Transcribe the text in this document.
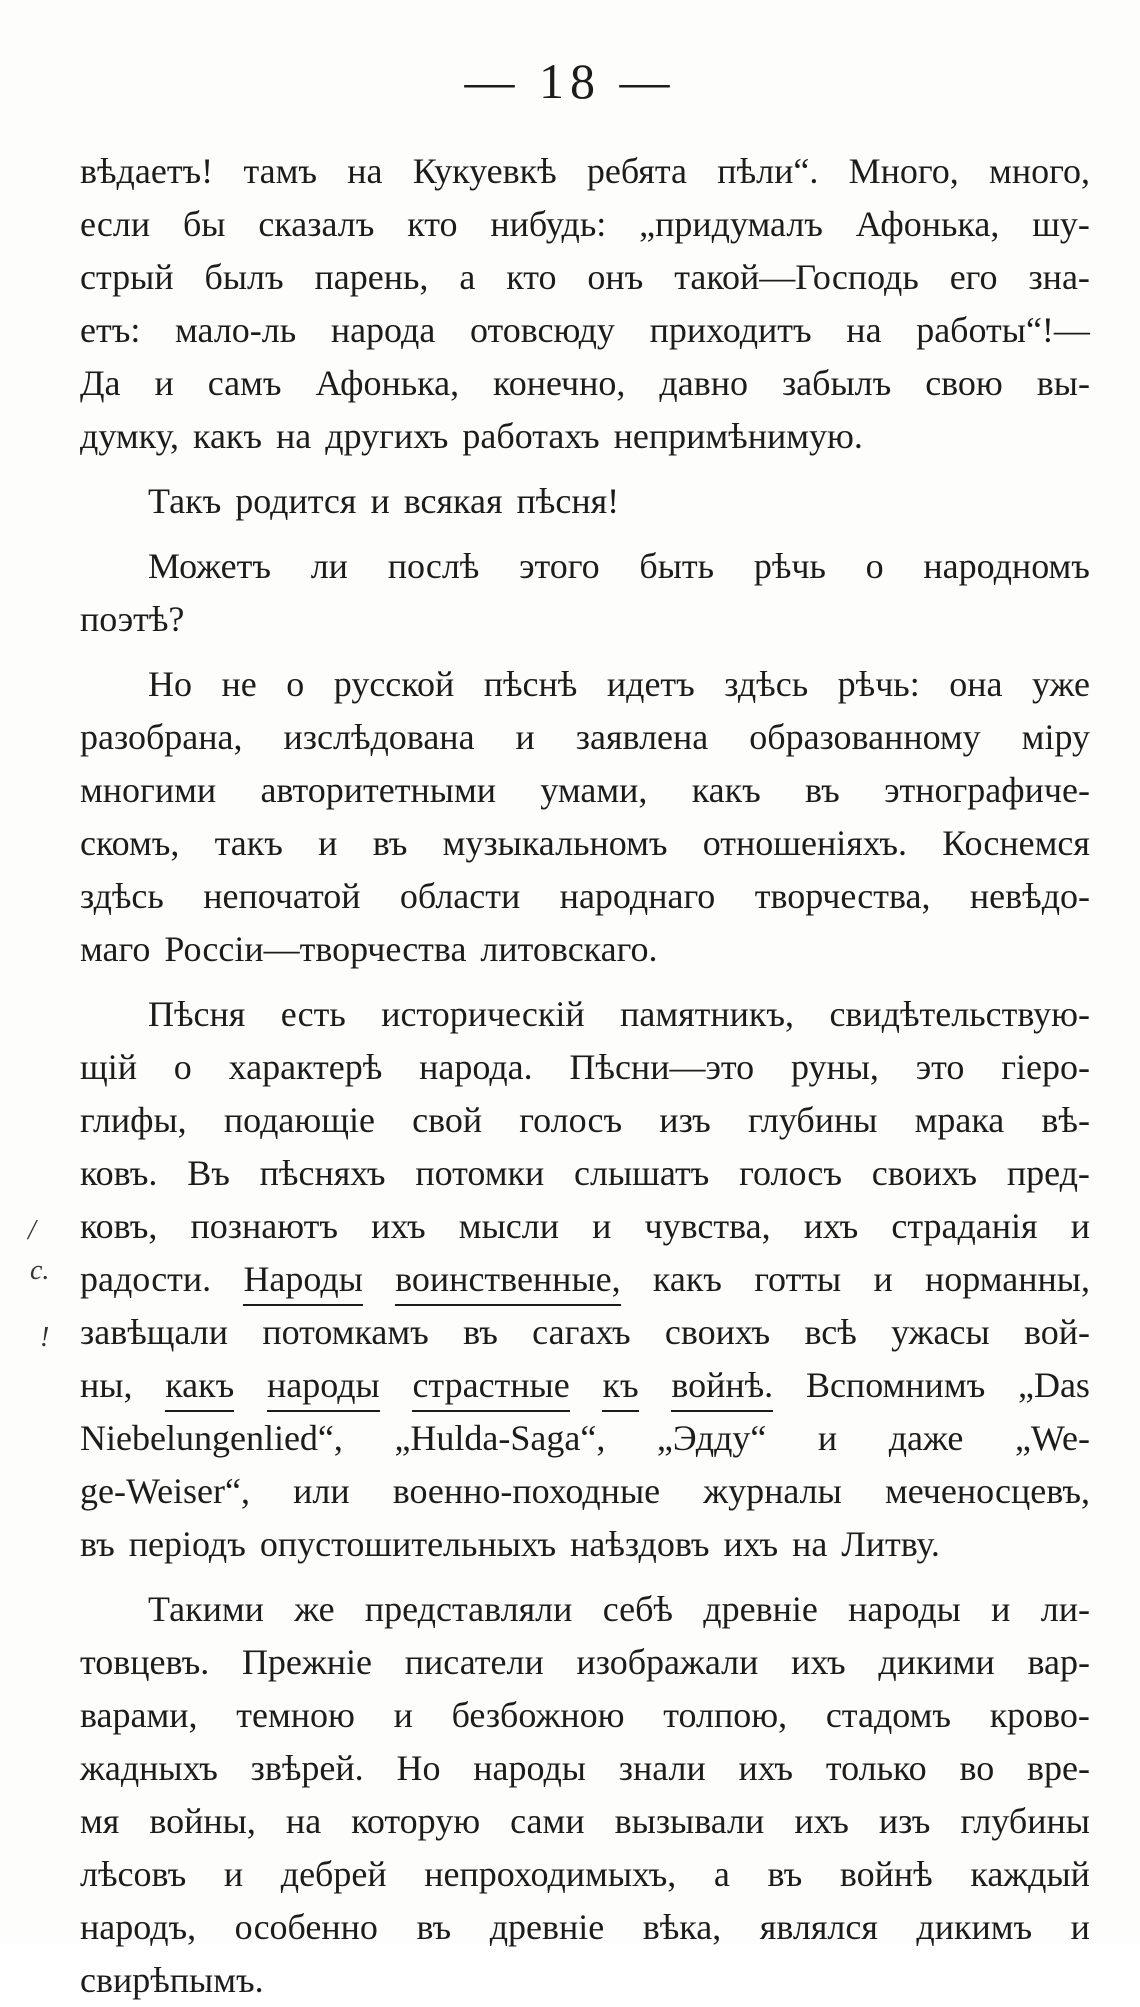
— 18 —
/
с.
!
вѣдаетъ! тамъ на Кукуевкѣ ребята пѣли“. Много, много,
если бы сказалъ кто нибудь: „придумалъ Афонька, шу-
стрый былъ парень, а кто онъ такой—Господь его зна-
етъ: мало-ль народа отовсюду приходитъ на работы“!—
Да и самъ Афонька, конечно, давно забылъ свою вы-
думку, какъ на другихъ работахъ непримѣнимую.
Такъ родится и всякая пѣсня!
Можетъ ли послѣ этого быть рѣчь о народномъ
поэтѣ?
Но не о русской пѣснѣ идетъ здѣсь рѣчь: она уже
разобрана, изслѣдована и заявлена образованному міру
многими авторитетными умами, какъ въ этнографиче-
скомъ, такъ и въ музыкальномъ отношеніяхъ. Коснемся
здѣсь непочатой области народнаго творчества, невѣдо-
маго Россіи—творчества литовскаго.
Пѣсня есть историческій памятникъ, свидѣтельствую-
щій о характерѣ народа. Пѣсни—это руны, это гіеро-
глифы, подающіе свой голосъ изъ глубины мрака вѣ-
ковъ. Въ пѣсняхъ потомки слышатъ голосъ своихъ пред-
ковъ, познаютъ ихъ мысли и чувства, ихъ страданія и
радости. Народы воинственные, какъ готты и норманны,
завѣщали потомкамъ въ сагахъ своихъ всѣ ужасы вой-
ны, какъ народы страстные къ войнѣ. Вспомнимъ „Das
Niebelungenlied“, „Hulda-Saga“, „Эдду“ и даже „We-
ge-Weiser“, или военно-походные журналы меченосцевъ,
въ періодъ опустошительныхъ наѣздовъ ихъ на Литву.
Такими же представляли себѣ древніе народы и ли-
товцевъ. Прежніе писатели изображали ихъ дикими вар-
варами, темною и безбожною толпою, стадомъ крово-
жадныхъ звѣрей. Но народы знали ихъ только во вре-
мя войны, на которую сами вызывали ихъ изъ глубины
лѣсовъ и дебрей непроходимыхъ, а въ войнѣ каждый
народъ, особенно въ древніе вѣка, являлся дикимъ и
свирѣпымъ.
